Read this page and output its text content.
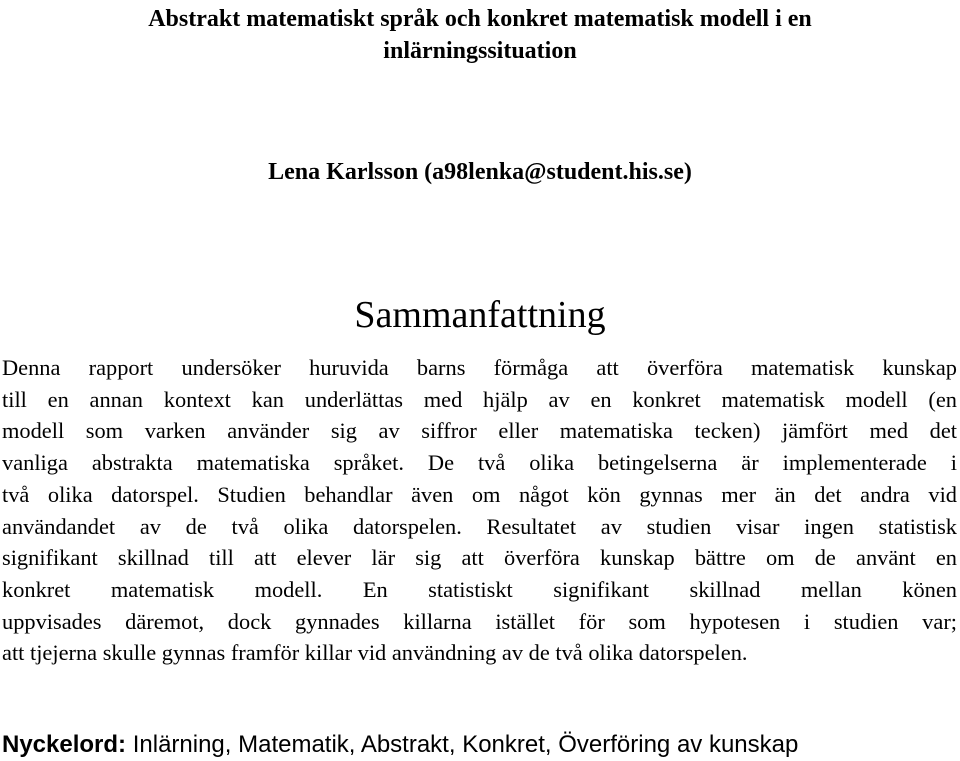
Abstrakt matematiskt språk och konkret matematisk modell i en
inlärningssituation

Lena Karlsson (a98lenka@student.his.se)

Sammanfattning

Denna rapport undersöker huruvida barns förmåga att överföra matematisk kunskap
till en annan kontext kan underlättas med hjälp av en konkret matematisk modell (en
modell som varken använder sig av siffror eller matematiska tecken) jämfört med det
vanliga abstrakta matematiska språket. De två olika betingelserna är implementerade i
två olika datorspel. Studien behandlar även om något kön gynnas mer än det andra vid
användandet av de två olika datorspelen. Resultatet av studien visar ingen statistisk
signifikant skillnad till att elever lär sig att överföra kunskap bättre om de använt en
konkret matematisk modell. En statistiskt signifikant skillnad mellan könen
uppvisades däremot, dock gynnades killarna istället för som hypotesen i studien var;
att tjejerna skulle gynnas framför killar vid användning av de två olika datorspelen.

Nyckelord: Inlärning, Matematik, Abstrakt, Konkret, Överföring av kunskap
